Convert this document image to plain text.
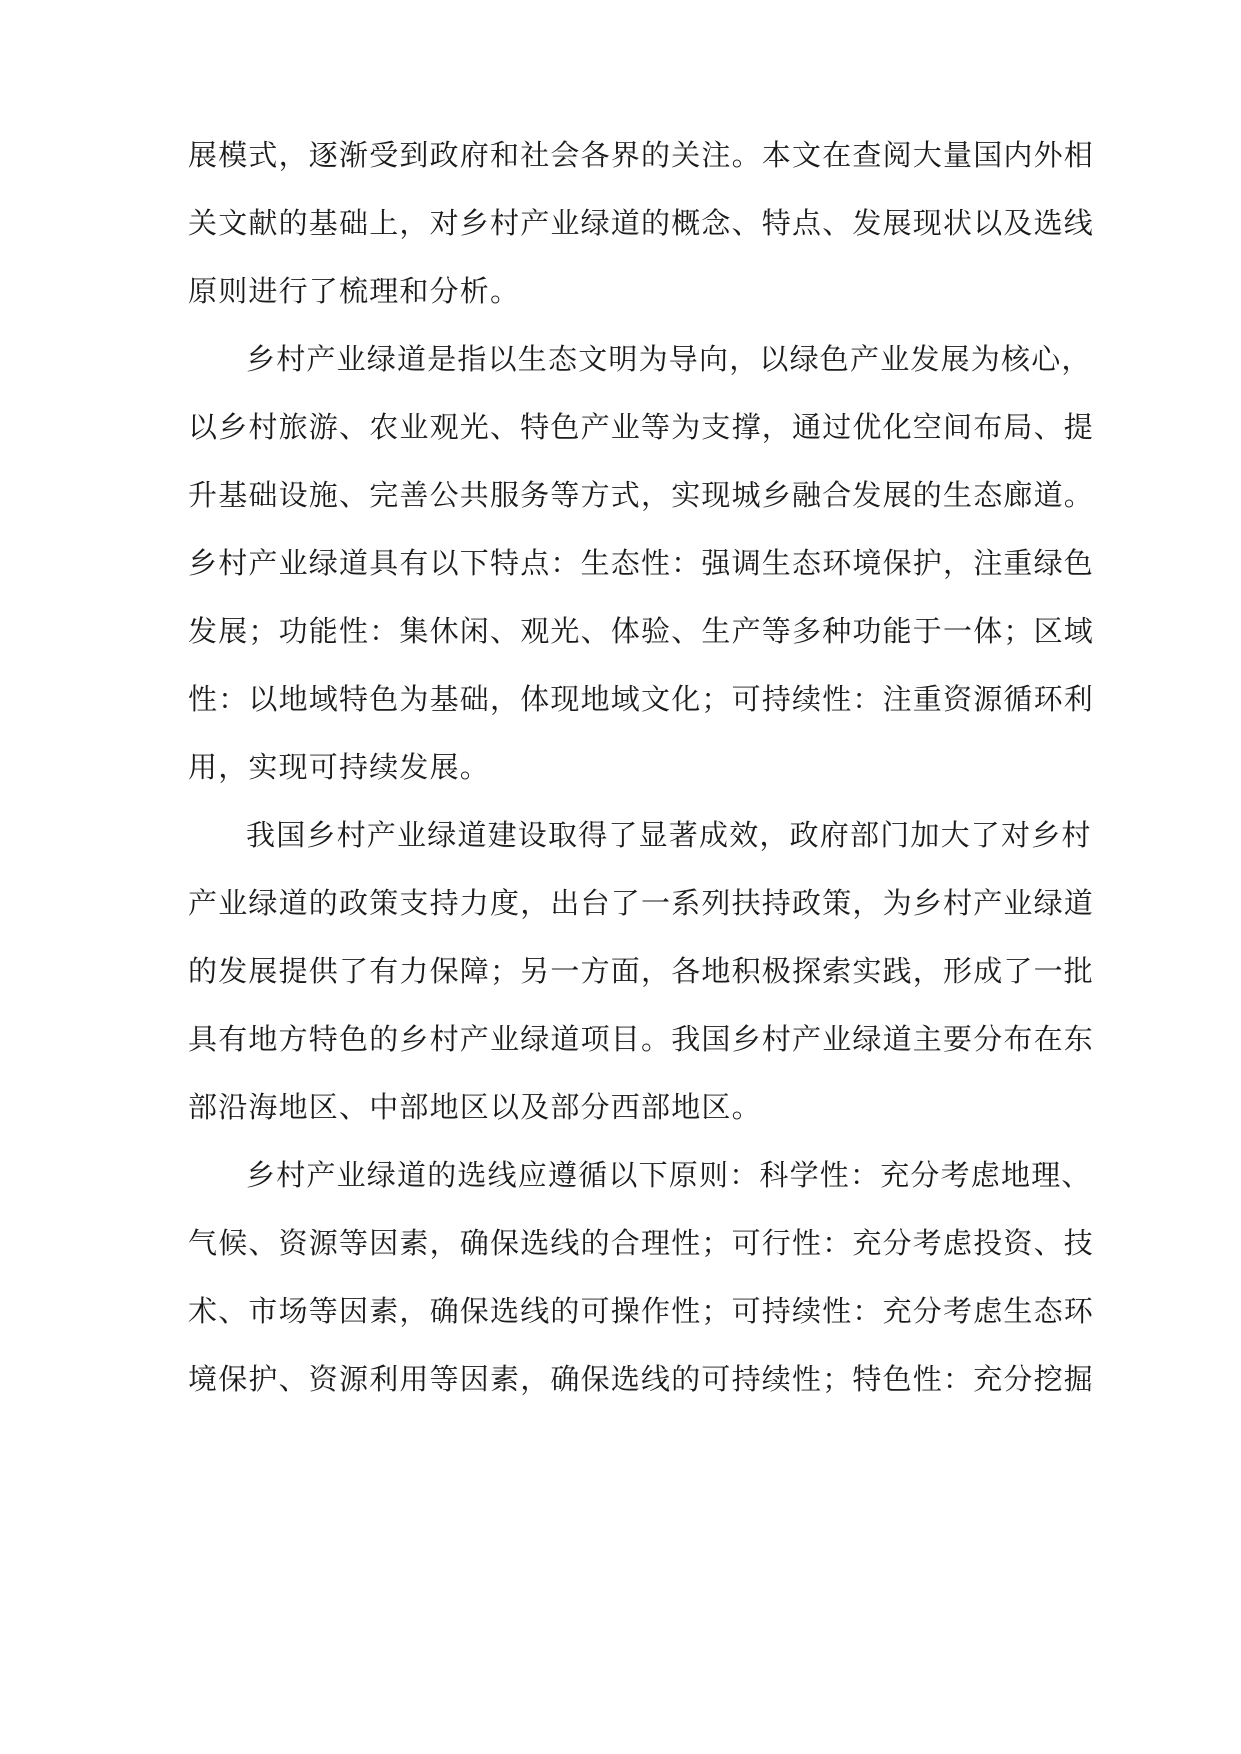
展模式，逐渐受到政府和社会各界的关注。本文在查阅大量国内外相
关文献的基础上，对乡村产业绿道的概念、特点、发展现状以及选线
原则进行了梳理和分析。
乡村产业绿道是指以生态文明为导向，以绿色产业发展为核心，
以乡村旅游、农业观光、特色产业等为支撑，通过优化空间布局、提
升基础设施、完善公共服务等方式，实现城乡融合发展的生态廊道。
乡村产业绿道具有以下特点：生态性：强调生态环境保护，注重绿色
发展；功能性：集休闲、观光、体验、生产等多种功能于一体；区域
性：以地域特色为基础，体现地域文化；可持续性：注重资源循环利
用，实现可持续发展。
我国乡村产业绿道建设取得了显著成效，政府部门加大了对乡村
产业绿道的政策支持力度，出台了一系列扶持政策，为乡村产业绿道
的发展提供了有力保障；另一方面，各地积极探索实践，形成了一批
具有地方特色的乡村产业绿道项目。我国乡村产业绿道主要分布在东
部沿海地区、中部地区以及部分西部地区。
乡村产业绿道的选线应遵循以下原则：科学性：充分考虑地理、
气候、资源等因素，确保选线的合理性；可行性：充分考虑投资、技
术、市场等因素，确保选线的可操作性；可持续性：充分考虑生态环
境保护、资源利用等因素，确保选线的可持续性；特色性：充分挖掘
